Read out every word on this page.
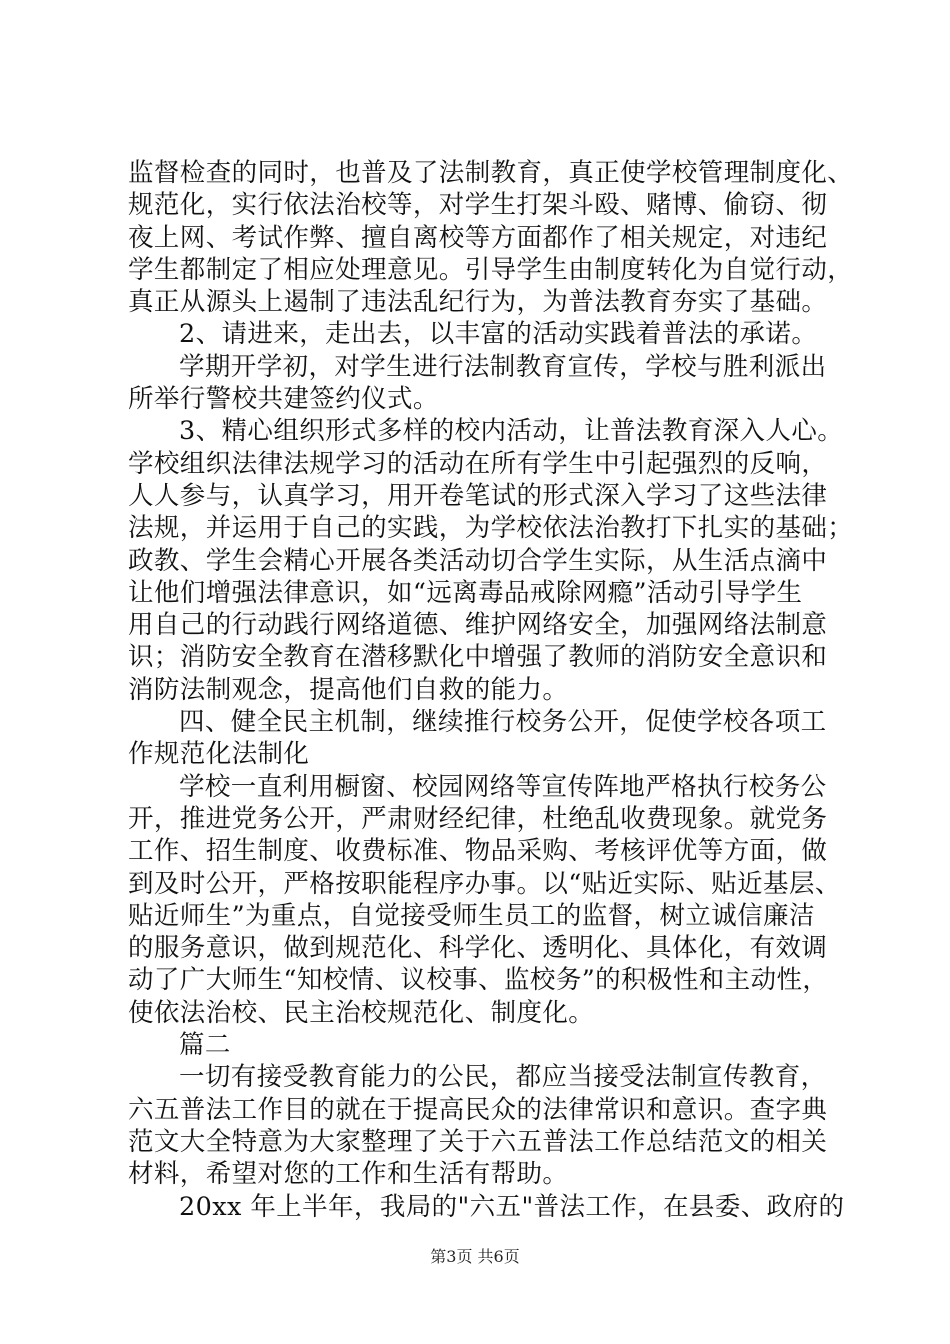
监督检查的同时，也普及了法制教育，真正使学校管理制度化、
规范化，实行依法治校等，对学生打架斗殴、赌博、偷窃、彻
夜上网、考试作弊、擅自离校等方面都作了相关规定，对违纪
学生都制定了相应处理意见。引导学生由制度转化为自觉行动，
真正从源头上遏制了违法乱纪行为，为普法教育夯实了基础。
2、请进来，走出去，以丰富的活动实践着普法的承诺。
学期开学初，对学生进行法制教育宣传，学校与胜利派出
所举行警校共建签约仪式。
3、精心组织形式多样的校内活动，让普法教育深入人心。
学校组织法律法规学习的活动在所有学生中引起强烈的反响，
人人参与，认真学习，用开卷笔试的形式深入学习了这些法律
法规，并运用于自己的实践，为学校依法治教打下扎实的基础；
政教、学生会精心开展各类活动切合学生实际，从生活点滴中
让他们增强法律意识，如“远离毒品戒除网瘾”活动引导学生
用自己的行动践行网络道德、维护网络安全，加强网络法制意
识；消防安全教育在潜移默化中增强了教师的消防安全意识和
消防法制观念，提高他们自救的能力。
四、健全民主机制，继续推行校务公开，促使学校各项工
作规范化法制化
学校一直利用橱窗、校园网络等宣传阵地严格执行校务公
开，推进党务公开，严肃财经纪律，杜绝乱收费现象。就党务
工作、招生制度、收费标准、物品采购、考核评优等方面，做
到及时公开，严格按职能程序办事。以“贴近实际、贴近基层、
贴近师生”为重点，自觉接受师生员工的监督，树立诚信廉洁
的服务意识，做到规范化、科学化、透明化、具体化，有效调
动了广大师生“知校情、议校事、监校务”的积极性和主动性，
使依法治校、民主治校规范化、制度化。
篇二
一切有接受教育能力的公民，都应当接受法制宣传教育，
六五普法工作目的就在于提高民众的法律常识和意识。查字典
范文大全特意为大家整理了关于六五普法工作总结范文的相关
材料，希望对您的工作和生活有帮助。
20xx 年上半年，我局的"六五"普法工作，在县委、政府的
第3页 共6页
